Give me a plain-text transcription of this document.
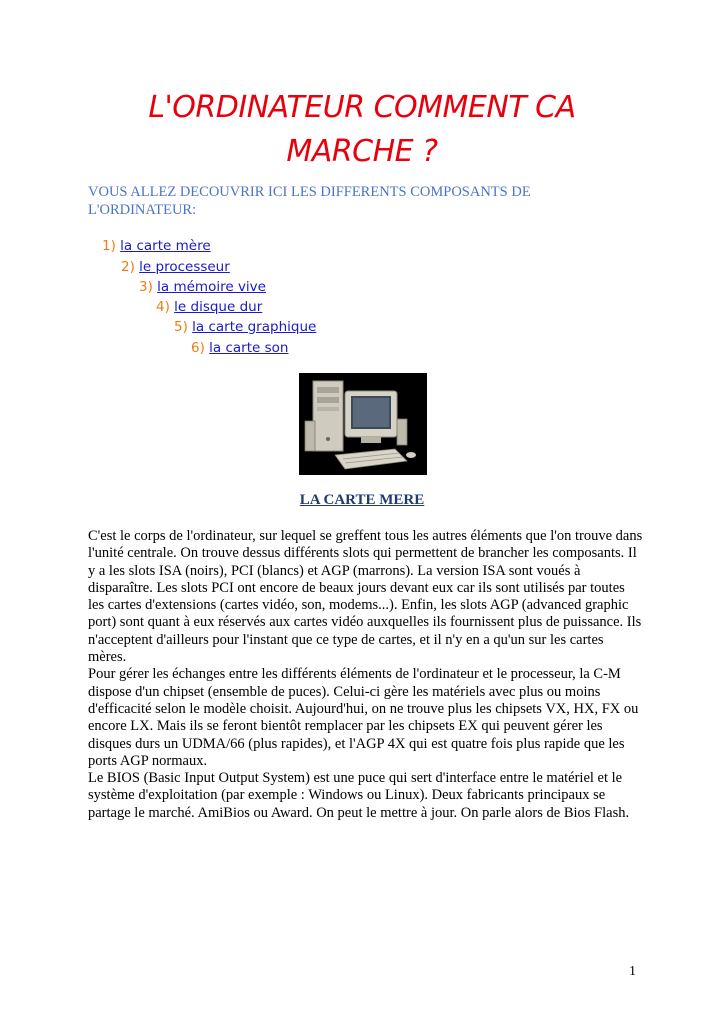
L'ORDINATEUR COMMENT CA
MARCHE ?

VOUS ALLEZ DECOUVRIR ICI LES DIFFERENTS COMPOSANTS DE
L'ORDINATEUR:

1) la carte mère
2) le processeur
3) la mémoire vive
4) le disque dur
5) la carte graphique
6) la carte son
LA CARTE MERE

C'est le corps de l'ordinateur, sur lequel se greffent tous les autres éléments que l'on trouve dans l'unité centrale. On trouve dessus différents slots qui permettent de brancher les composants. Il y a les slots ISA (noirs), PCI (blancs) et AGP (marrons). La version ISA sont voués à disparaître. Les slots PCI ont encore de beaux jours devant eux car ils sont utilisés par toutes les cartes d'extensions (cartes vidéo, son, modems...). Enfin, les slots AGP (advanced graphic port) sont quant à eux réservés aux cartes vidéo auxquelles ils fournissent plus de puissance. Ils n'acceptent d'ailleurs pour l'instant que ce type de cartes, et il n'y en a qu'un sur les cartes mères.

Pour gérer les échanges entre les différents éléments de l'ordinateur et le processeur, la C-M dispose d'un chipset (ensemble de puces). Celui-ci gère les matériels avec plus ou moins d'efficacité selon le modèle choisit. Aujourd'hui, on ne trouve plus les chipsets VX, HX, FX ou encore LX. Mais ils se feront bientôt remplacer par les chipsets EX qui peuvent gérer les disques durs un UDMA/66 (plus rapides), et l'AGP 4X qui est quatre fois plus rapide que les ports AGP normaux.

Le BIOS (Basic Input Output System) est une puce qui sert d'interface entre le matériel et le système d'exploitation (par exemple : Windows ou Linux). Deux fabricants principaux se partage le marché. AmiBios ou Award. On peut le mettre à jour. On parle alors de Bios Flash.

1
